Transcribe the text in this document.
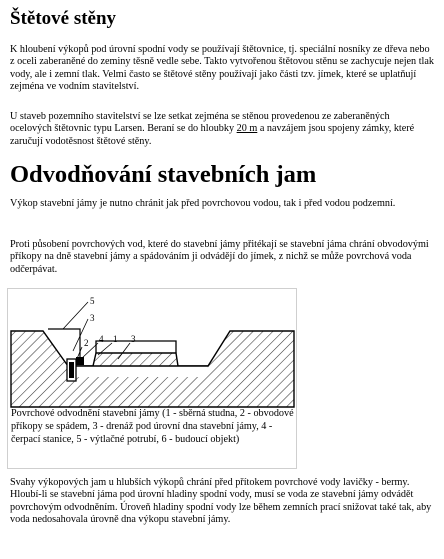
Štětové stěny

K hloubení výkopů pod úrovní spodní vody se používají štětovnice, tj. speciální nosníky ze dřeva nebo z oceli zaberaněné do zeminy těsně vedle sebe. Takto vytvořenou štětovou stěnu se zachycuje nejen tlak vody, ale i zemní tlak. Velmi často se štětové stěny používají jako části tzv. jímek, které se uplatňují zejména ve vodním stavitelství.

U staveb pozemního stavitelství se lze setkat zejména se stěnou provedenou ze zaberaněných ocelových štětovnic typu Larsen. Beraní se do hloubky 20 m a navzájem jsou spojeny zámky, které zaručují vodotěsnost štětové stěny.

Odvodňování stavebních jam

Výkop stavební jámy je nutno chránit jak před povrchovou vodou, tak i před vodou podzemní.

Proti působení povrchových vod, které do stavební jámy přitékají se stavební jáma chrání obvodovými příkopy na dně stavební jámy a spádováním ji odvádějí do jímek, z nichž se může povrchová voda odčerpávat.

5
3
2 4 1 3

Povrchové odvodnění stavební jámy (1 - sběrná studna, 2 - obvodové příkopy se spádem, 3 - drenáž pod úrovní dna stavební jámy, 4 - čerpací stanice, 5 - výtlačné potrubí, 6 - budoucí objekt)

Svahy výkopových jam u hlubších výkopů chrání před přítokem povrchové vody lavičky - bermy. Hloubí-li se stavební jáma pod úrovní hladiny spodní vody, musí se voda ze stavební jámy odvádět povrchovým odvodněním. Úroveň hladiny spodní vody lze během zemních prací snižovat také tak, aby voda nedosahovala úrovně dna výkopu stavební jámy.
